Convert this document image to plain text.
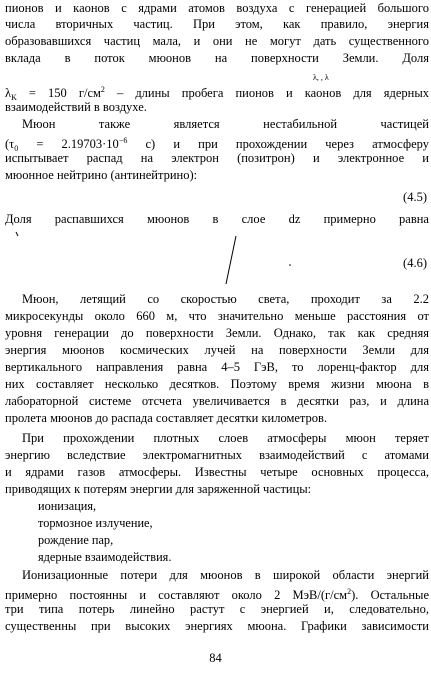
пионов и каонов с ядрами атомов воздуха с генерацией большого
числа вторичных частиц. При этом, как правило, энергия
образовавшихся частиц мала, и они не могут дать существенного
вклада в поток мюонов на поверхности Земли. Доля
λ, , λ
$\lambda_K = 150$ $г/см^2$ – длины пробега пионов и каонов для ядерных
взаимодействий в воздухе.
Мюон также является нестабильной частицей
($\tau_0 = 2.19703\cdot 10^{-6}$ с) и при прохождении через атмосферу
испытывает распад на электрон (позитрон) и электронное и
мюонное нейтрино (антинейтрино):
(4.5)
Доля распавшихся мюонов в слое dz примерно равна
(4.6)
Мюон, летящий со скоростью света, проходит за 2.2
микросекунды около 660 м, что значительно меньше расстояния от
уровня генерации до поверхности Земли. Однако, так как средняя
энергия мюонов космических лучей на поверхности Земли для
вертикального направления равна 4–5 ГэВ, то лоренц-фактор для
них составляет несколько десятков. Поэтому время жизни мюона в
лабораторной системе отсчета увеличивается в десятки раз, и длина
пролета мюонов до распада составляет десятки километров.
При прохождении плотных слоев атмосферы мюон теряет
энергию вследствие электромагнитных взаимодействий с атомами
и ядрами газов атмосферы. Известны четыре основных процесса,
приводящих к потерям энергии для заряженной частицы:
ионизация,
тормозное излучение,
рождение пар,
ядерные взаимодействия.
Ионизационные потери для мюонов в широкой области энергий
примерно постоянны и составляют около 2 МэВ/$(г/см^2)$. Остальные
три типа потерь линейно растут с энергией и, следовательно,
существенны при высоких энергиях мюона. Графики зависимости
84
